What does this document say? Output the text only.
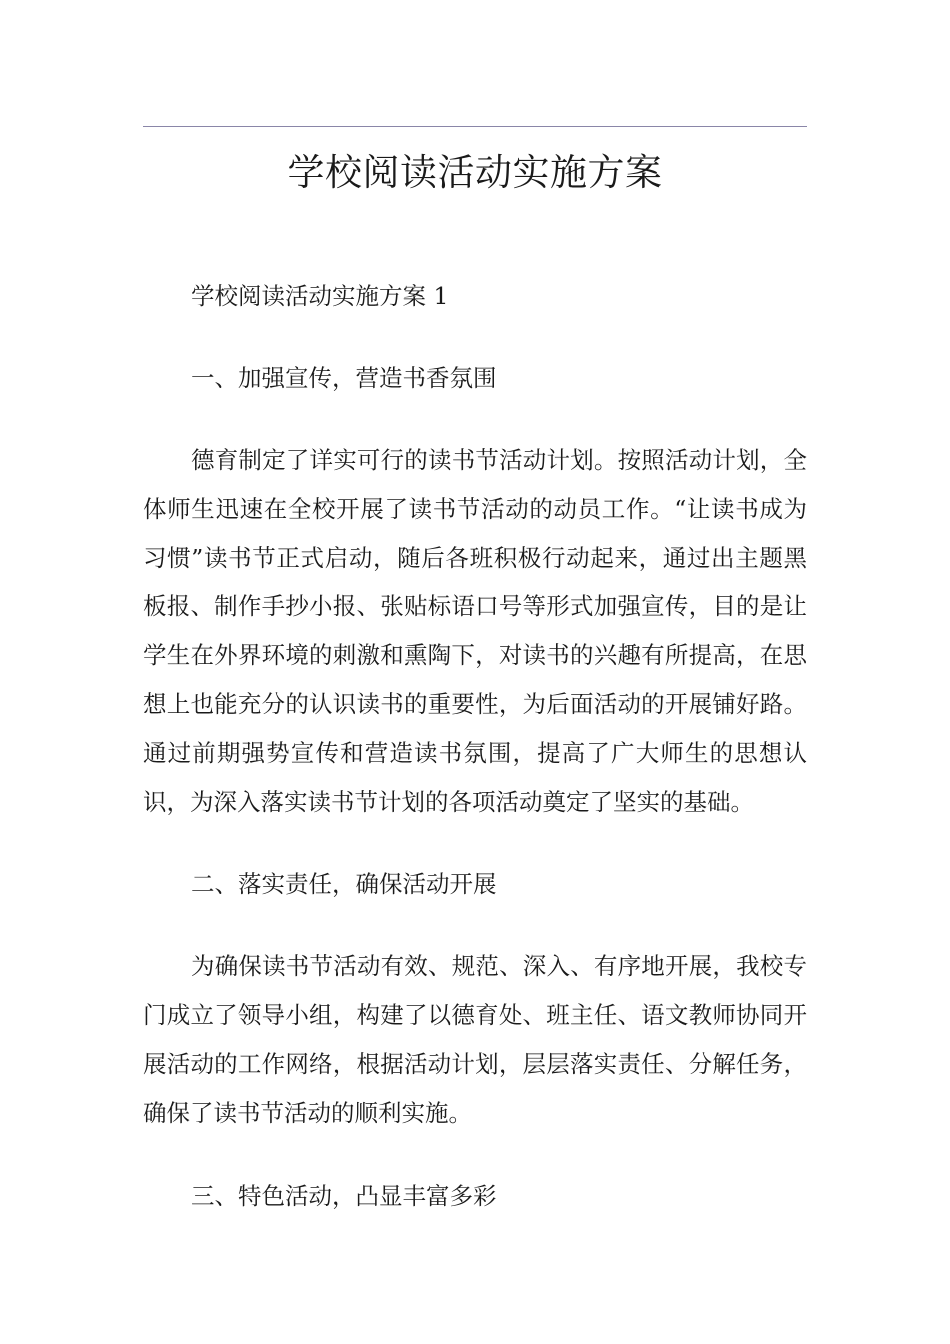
学校阅读活动实施方案

学校阅读活动实施方案 1

一、加强宣传，营造书香氛围

德育制定了详实可行的读书节活动计划。按照活动计划，全体师生迅速在全校开展了读书节活动的动员工作。“让读书成为习惯”读书节正式启动，随后各班积极行动起来，通过出主题黑板报、制作手抄小报、张贴标语口号等形式加强宣传，目的是让学生在外界环境的刺激和熏陶下，对读书的兴趣有所提高，在思想上也能充分的认识读书的重要性，为后面活动的开展铺好路。通过前期强势宣传和营造读书氛围，提高了广大师生的思想认识，为深入落实读书节计划的各项活动奠定了坚实的基础。

二、落实责任，确保活动开展

为确保读书节活动有效、规范、深入、有序地开展，我校专门成立了领导小组，构建了以德育处、班主任、语文教师协同开展活动的工作网络，根据活动计划，层层落实责任、分解任务，确保了读书节活动的顺利实施。

三、特色活动，凸显丰富多彩
